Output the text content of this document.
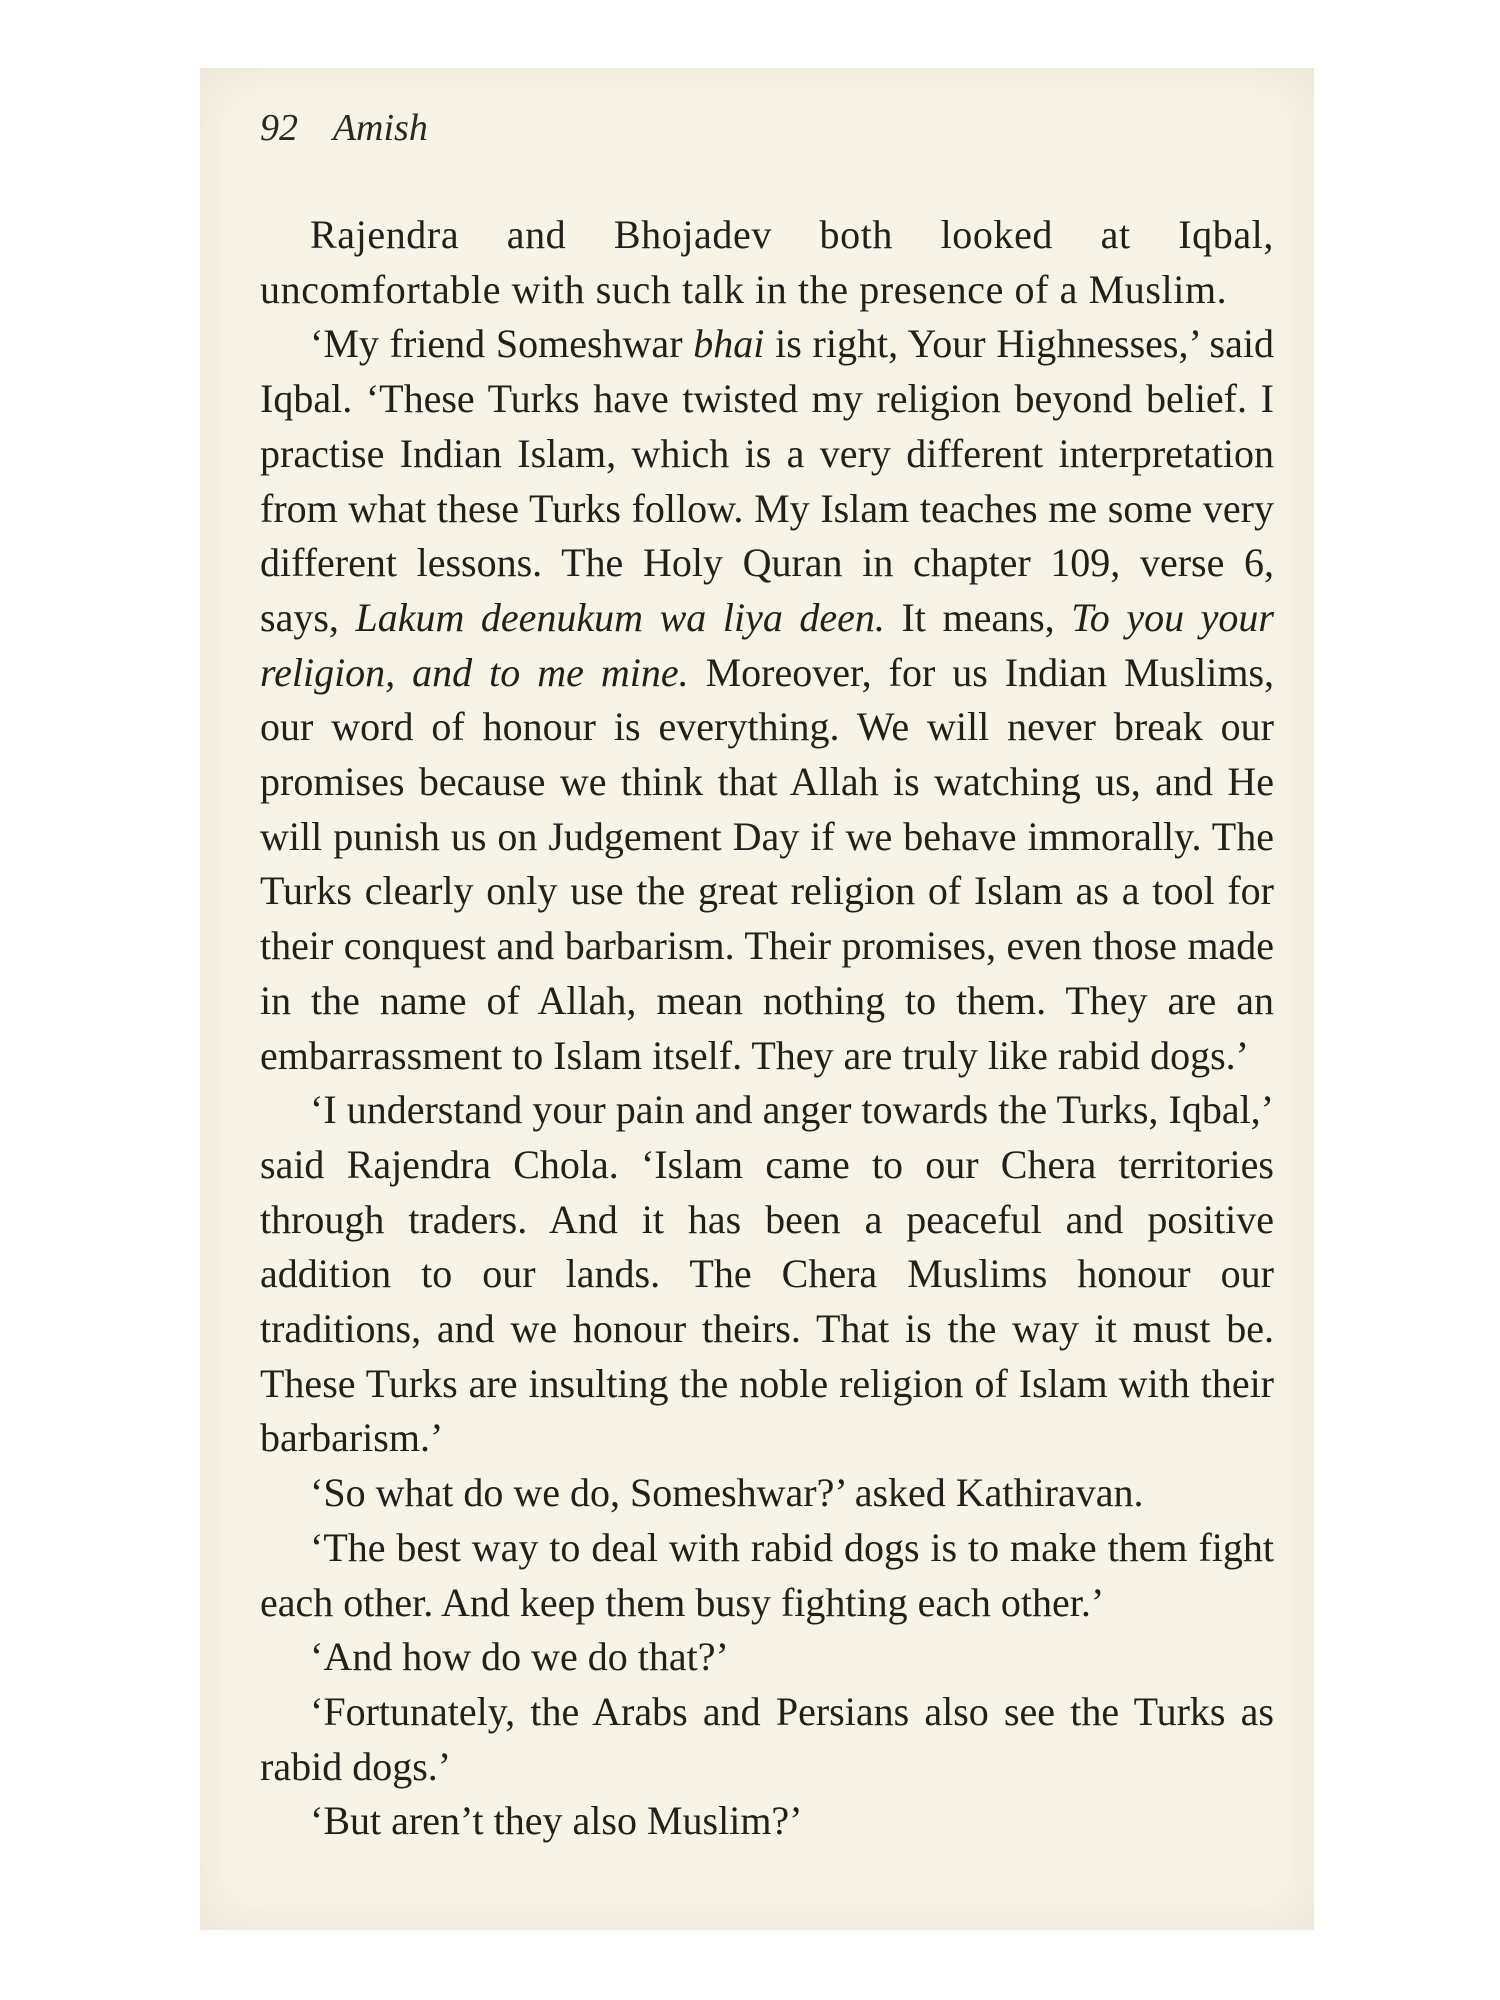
92 Amish

Rajendra and Bhojadev both looked at Iqbal, uncomfortable with such talk in the presence of a Muslim.

‘My friend Someshwar bhai is right, Your Highnesses,’ said Iqbal. ‘These Turks have twisted my religion beyond belief. I practise Indian Islam, which is a very different interpretation from what these Turks follow. My Islam teaches me some very different lessons. The Holy Quran in chapter 109, verse 6, says, Lakum deenukum wa liya deen. It means, To you your religion, and to me mine. Moreover, for us Indian Muslims, our word of honour is everything. We will never break our promises because we think that Allah is watching us, and He will punish us on Judgement Day if we behave immorally. The Turks clearly only use the great religion of Islam as a tool for their conquest and barbarism. Their promises, even those made in the name of Allah, mean nothing to them. They are an embarrassment to Islam itself. They are truly like rabid dogs.’

‘I understand your pain and anger towards the Turks, Iqbal,’ said Rajendra Chola. ‘Islam came to our Chera territories through traders. And it has been a peaceful and positive addition to our lands. The Chera Muslims honour our traditions, and we honour theirs. That is the way it must be. These Turks are insulting the noble religion of Islam with their barbarism.’

‘So what do we do, Someshwar?’ asked Kathiravan.

‘The best way to deal with rabid dogs is to make them fight each other. And keep them busy fighting each other.’

‘And how do we do that?’

‘Fortunately, the Arabs and Persians also see the Turks as rabid dogs.’

‘But aren’t they also Muslim?’
